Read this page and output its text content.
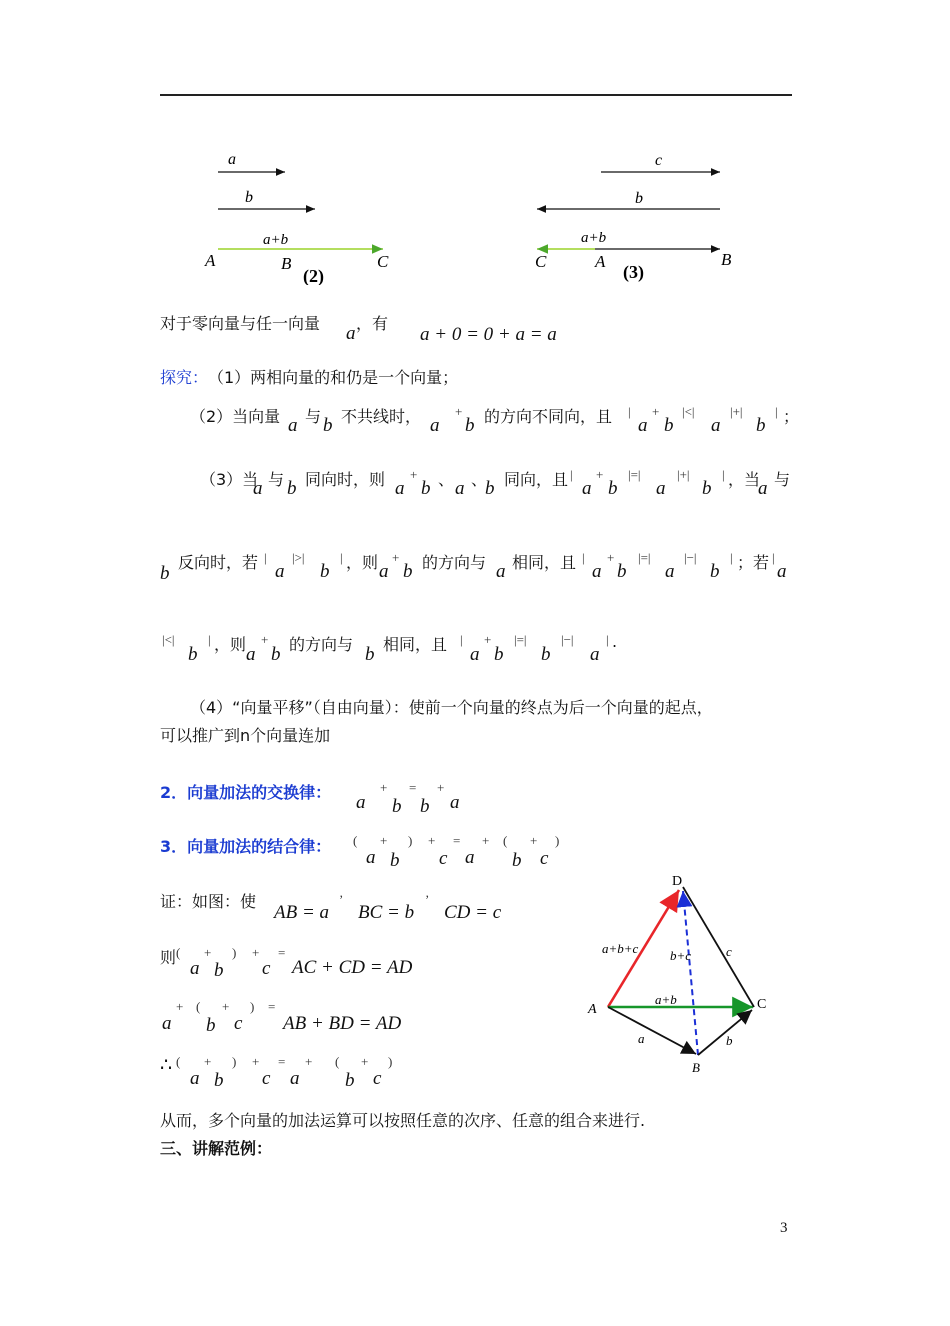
a
b
a+b
A	B	C
(2)
c
b
a+b
C	A	B
(3)
对于零向量与任一向量 a ，有
a + 0 = 0 + a = a
探究： （1）两相向量的和仍是一个向量；
（2）当向量 a 与 b 不共线时， a
+
b 的方向不同向，且 |
a
+
b
|<|
a
|+|
b
| ；
（3）当
a 与 b 同向时，则 a
+
b 、 a 、
b 同向，且 |
a
+
b
|=|
a
|+|
b
| ，当
a 与
b
反向时，若 |
a
|>|
b
| ，则 a
+
b 的方向与 a 相同，且 |
a
+
b
|=|
a
|−|
b
| ；若 |
a
|<|
b
| ，则 a
+
b 的方向与 b 相同，且 |
a
+
b
|=|
b
|−|
a
| .
（4）“向量平移”（自由向量）：使前一个向量的终点为后一个向量的起点，
可以推广到n个向量连加
2．向量加法的交换律： a
+
b
=
b
+
a
3．向量加法的结合律： (
a
+
b
) +
c
=
a
+ (
b
+
c
)
证：如图：使
AB = a
’
BC = b
’
CD = c
则 (
a
+
b
) +
c
=
AC + CD = AD
a
+ (
b
+
c
) =
AB + BD = AD
∴ (
a
+
b
) +
c
=
a
+ (
b
+
c
)
D
A
B
C
a+b+c b+c
a+b
a	b
c
从而，多个向量的加法运算可以按照任意的次序、任意的组合来进行.
三、讲解范例：
3
